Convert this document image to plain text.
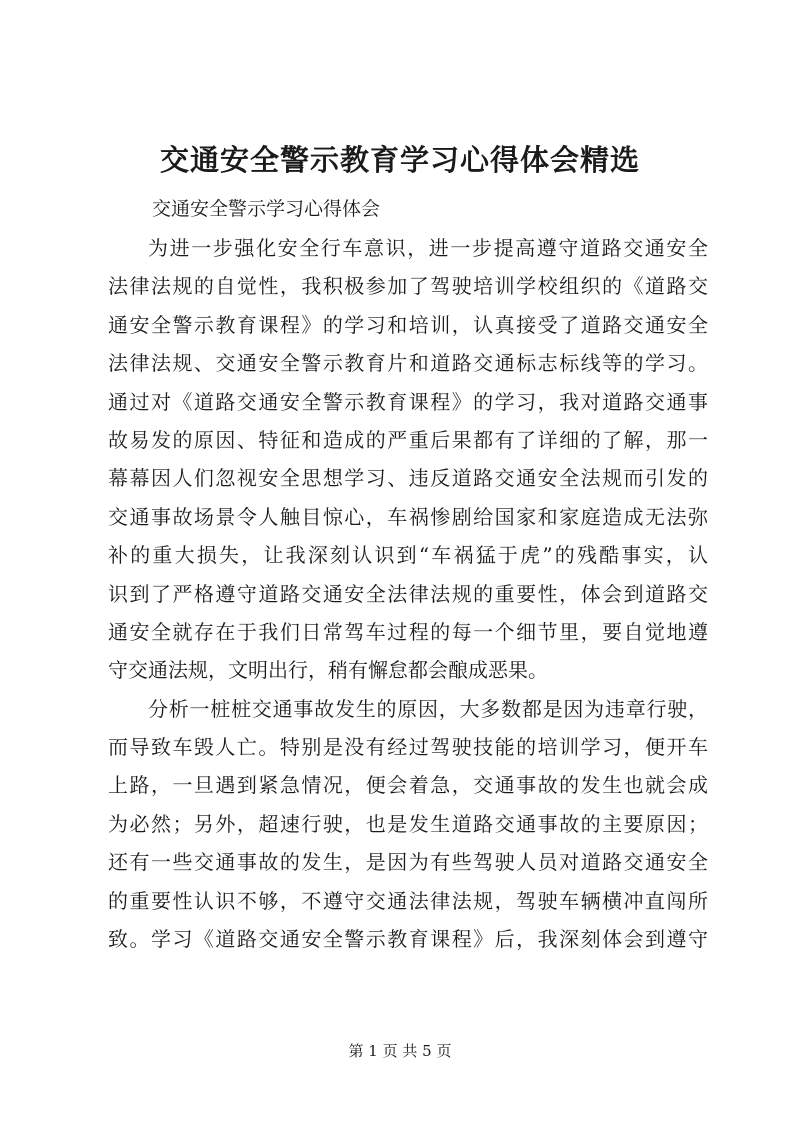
交通安全警示教育学习心得体会精选

交通安全警示学习心得体会

为进一步强化安全行车意识，进一步提高遵守道路交通安全
法律法规的自觉性，我积极参加了驾驶培训学校组织的《道路交
通安全警示教育课程》的学习和培训，认真接受了道路交通安全
法律法规、交通安全警示教育片和道路交通标志标线等的学习。
通过对《道路交通安全警示教育课程》的学习，我对道路交通事
故易发的原因、特征和造成的严重后果都有了详细的了解，那一
幕幕因人们忽视安全思想学习、违反道路交通安全法规而引发的
交通事故场景令人触目惊心，车祸惨剧给国家和家庭造成无法弥
补的重大损失，让我深刻认识到“车祸猛于虎”的残酷事实，认
识到了严格遵守道路交通安全法律法规的重要性，体会到道路交
通安全就存在于我们日常驾车过程的每一个细节里，要自觉地遵
守交通法规，文明出行，稍有懈怠都会酿成恶果。
分析一桩桩交通事故发生的原因，大多数都是因为违章行驶，
而导致车毁人亡。特别是没有经过驾驶技能的培训学习，便开车
上路，一旦遇到紧急情况，便会着急，交通事故的发生也就会成
为必然；另外，超速行驶，也是发生道路交通事故的主要原因；
还有一些交通事故的发生，是因为有些驾驶人员对道路交通安全
的重要性认识不够，不遵守交通法律法规，驾驶车辆横冲直闯所
致。学习《道路交通安全警示教育课程》后，我深刻体会到遵守

第 1 页 共 5 页
